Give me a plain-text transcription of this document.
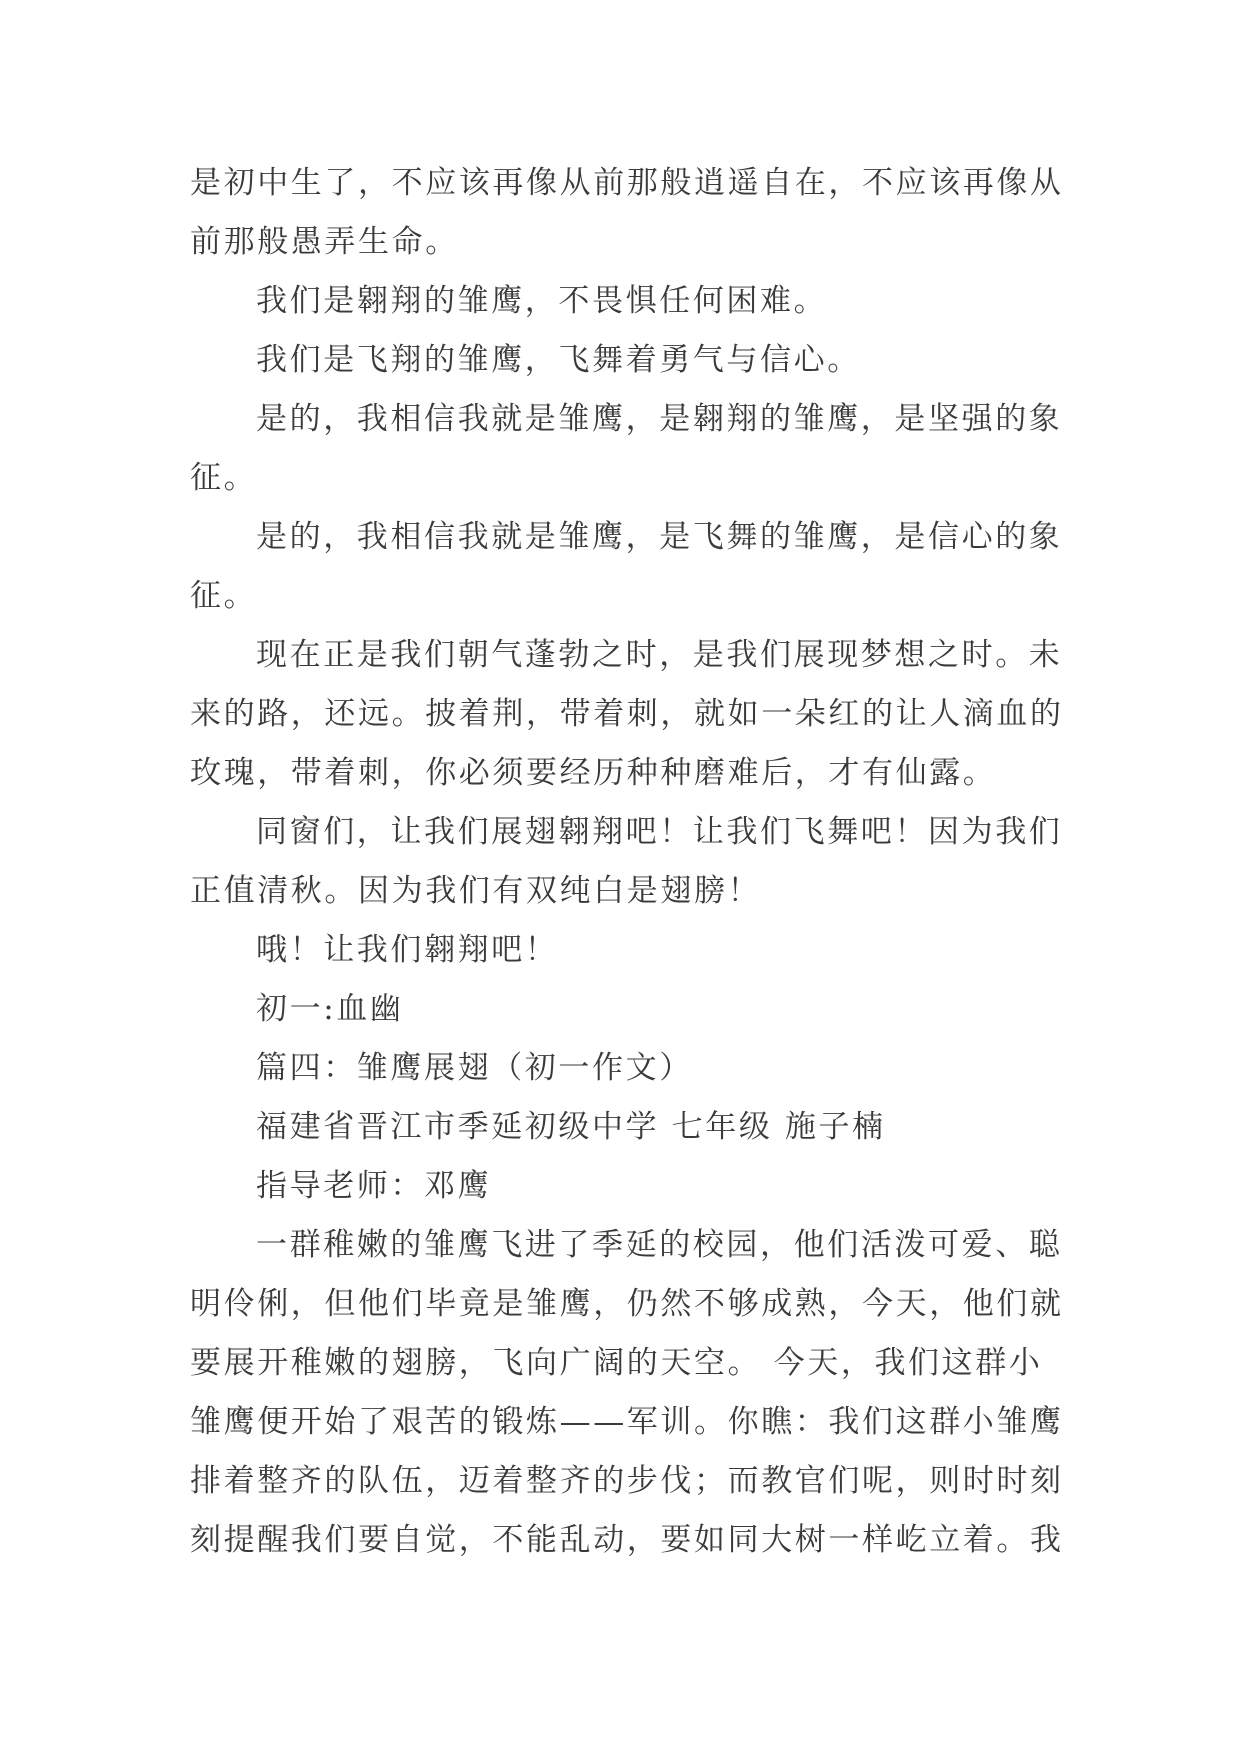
是初中生了，不应该再像从前那般逍遥自在，不应该再像从
前那般愚弄生命。
我们是翱翔的雏鹰，不畏惧任何困难。
我们是飞翔的雏鹰，飞舞着勇气与信心。
是的，我相信我就是雏鹰，是翱翔的雏鹰，是坚强的象
征。
是的，我相信我就是雏鹰，是飞舞的雏鹰，是信心的象
征。
现在正是我们朝气蓬勃之时，是我们展现梦想之时。未
来的路，还远。披着荆，带着刺，就如一朵红的让人滴血的
玫瑰，带着刺，你必须要经历种种磨难后，才有仙露。
同窗们，让我们展翅翱翔吧！让我们飞舞吧！因为我们
正值清秋。因为我们有双纯白是翅膀！
哦！让我们翱翔吧！
初一:血幽
篇四：雏鹰展翅（初一作文）
福建省晋江市季延初级中学 七年级 施子楠
指导老师：邓鹰
一群稚嫩的雏鹰飞进了季延的校园，他们活泼可爱、聪
明伶俐，但他们毕竟是雏鹰，仍然不够成熟，今天，他们就
要展开稚嫩的翅膀，飞向广阔的天空。 今天，我们这群小
雏鹰便开始了艰苦的锻炼——军训。你瞧：我们这群小雏鹰
排着整齐的队伍，迈着整齐的步伐；而教官们呢，则时时刻
刻提醒我们要自觉，不能乱动，要如同大树一样屹立着。我
